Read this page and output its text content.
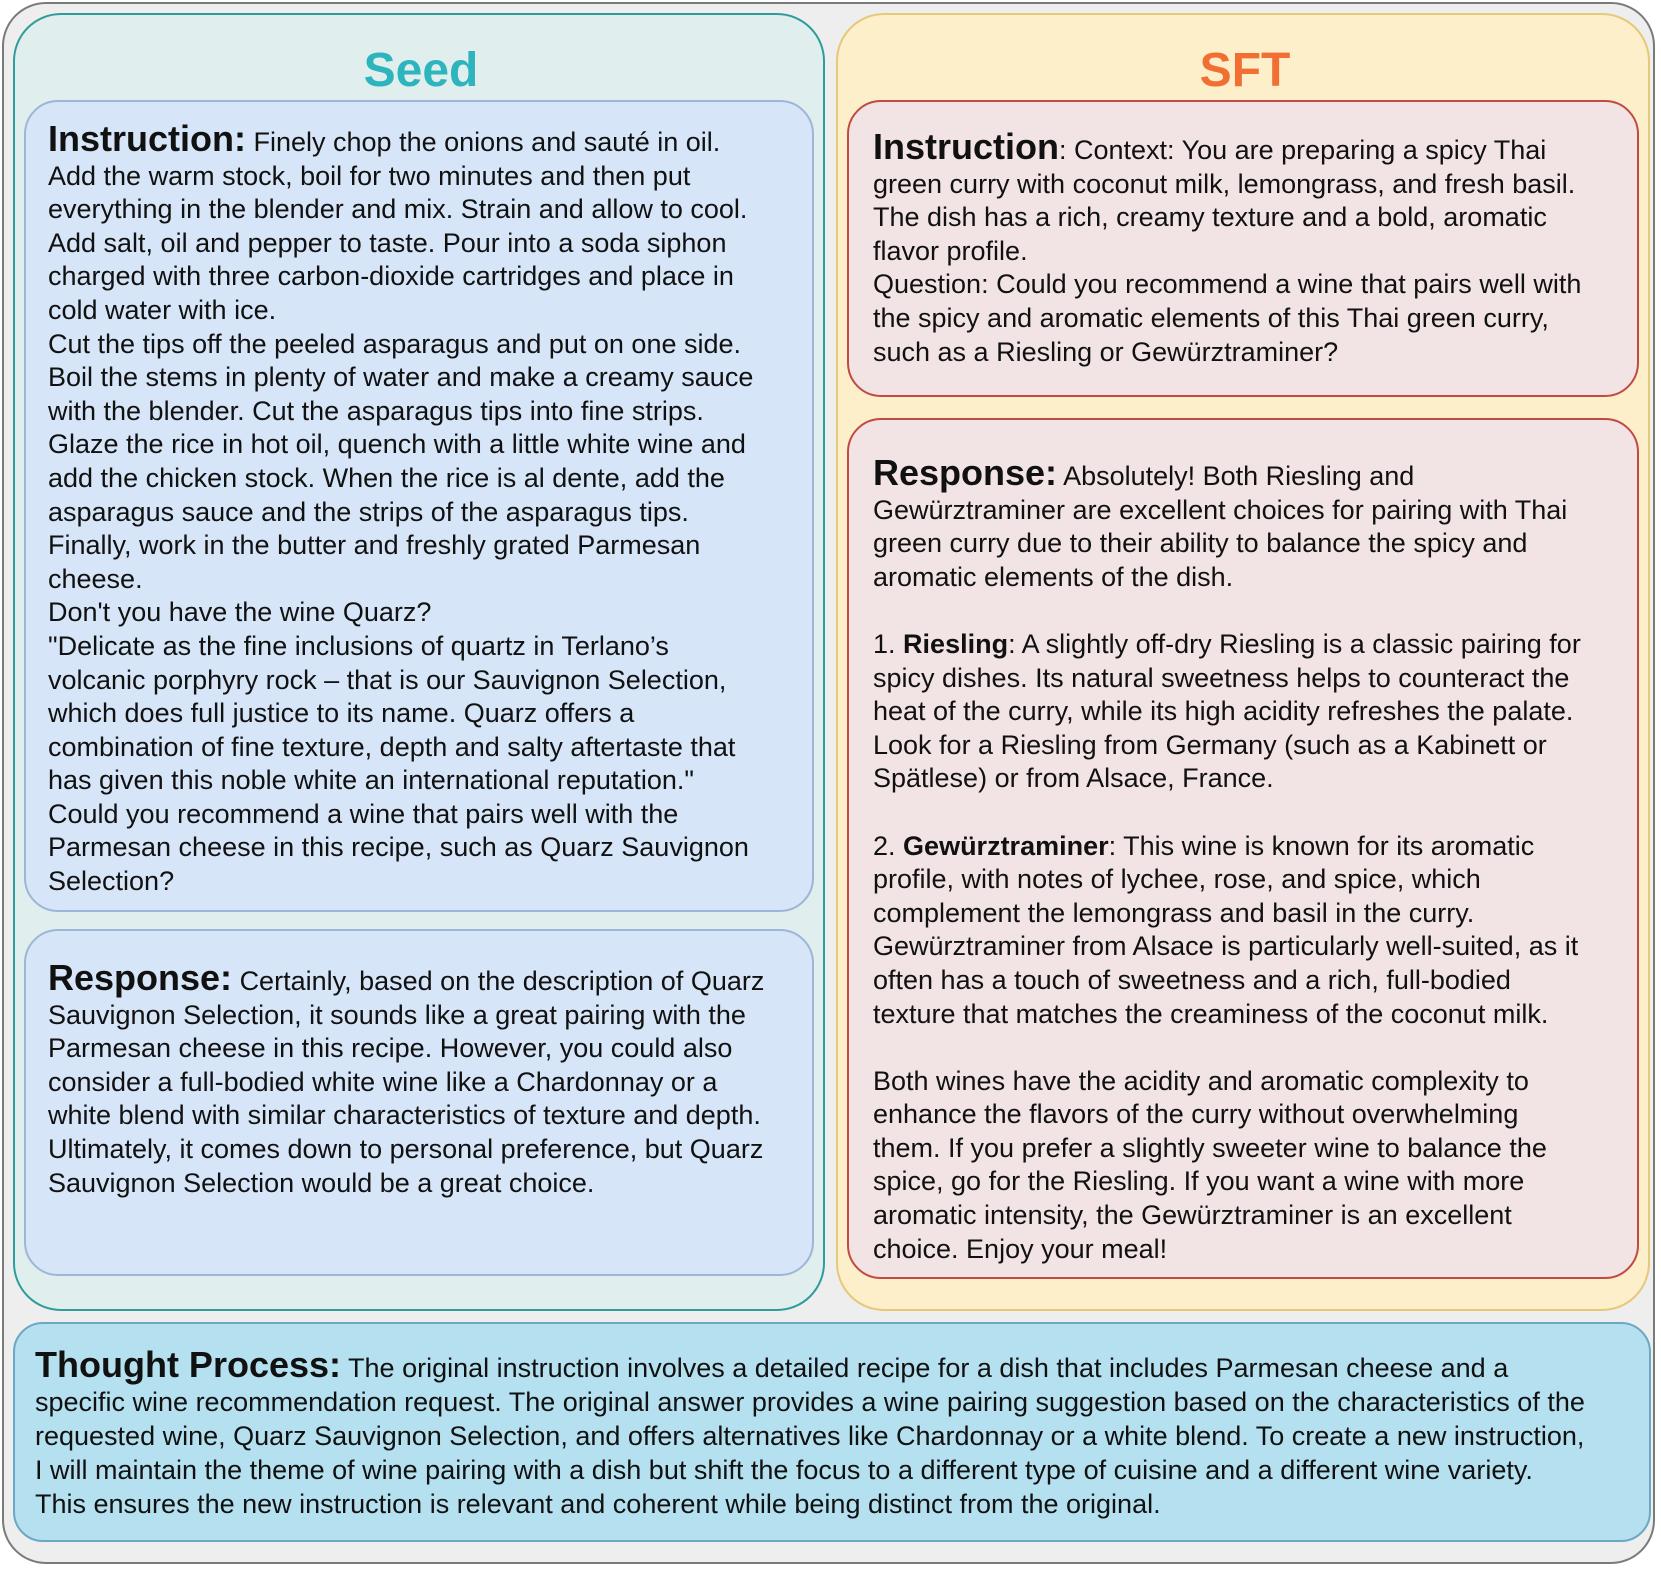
Seed
Instruction: Finely chop the onions and sauté in oil.
Add the warm stock, boil for two minutes and then put
everything in the blender and mix. Strain and allow to cool.
Add salt, oil and pepper to taste. Pour into a soda siphon
charged with three carbon-dioxide cartridges and place in
cold water with ice.
Cut the tips off the peeled asparagus and put on one side.
Boil the stems in plenty of water and make a creamy sauce
with the blender. Cut the asparagus tips into fine strips.
Glaze the rice in hot oil, quench with a little white wine and
add the chicken stock. When the rice is al dente, add the
asparagus sauce and the strips of the asparagus tips.
Finally, work in the butter and freshly grated Parmesan
cheese.
Don't you have the wine Quarz?
"Delicate as the fine inclusions of quartz in Terlano’s
volcanic porphyry rock – that is our Sauvignon Selection,
which does full justice to its name. Quarz offers a
combination of fine texture, depth and salty aftertaste that
has given this noble white an international reputation."
Could you recommend a wine that pairs well with the
Parmesan cheese in this recipe, such as Quarz Sauvignon
Selection?
Response: Certainly, based on the description of Quarz
Sauvignon Selection, it sounds like a great pairing with the
Parmesan cheese in this recipe. However, you could also
consider a full-bodied white wine like a Chardonnay or a
white blend with similar characteristics of texture and depth.
Ultimately, it comes down to personal preference, but Quarz
Sauvignon Selection would be a great choice.
SFT
Instruction: Context: You are preparing a spicy Thai
green curry with coconut milk, lemongrass, and fresh basil.
The dish has a rich, creamy texture and a bold, aromatic
flavor profile.
Question: Could you recommend a wine that pairs well with
the spicy and aromatic elements of this Thai green curry,
such as a Riesling or Gewürztraminer?
Response: Absolutely! Both Riesling and
Gewürztraminer are excellent choices for pairing with Thai
green curry due to their ability to balance the spicy and
aromatic elements of the dish.
1. Riesling: A slightly off-dry Riesling is a classic pairing for
spicy dishes. Its natural sweetness helps to counteract the
heat of the curry, while its high acidity refreshes the palate.
Look for a Riesling from Germany (such as a Kabinett or
Spätlese) or from Alsace, France.
2. Gewürztraminer: This wine is known for its aromatic
profile, with notes of lychee, rose, and spice, which
complement the lemongrass and basil in the curry.
Gewürztraminer from Alsace is particularly well-suited, as it
often has a touch of sweetness and a rich, full-bodied
texture that matches the creaminess of the coconut milk.
Both wines have the acidity and aromatic complexity to
enhance the flavors of the curry without overwhelming
them. If you prefer a slightly sweeter wine to balance the
spice, go for the Riesling. If you want a wine with more
aromatic intensity, the Gewürztraminer is an excellent
choice. Enjoy your meal!
Thought Process: The original instruction involves a detailed recipe for a dish that includes Parmesan cheese and a
specific wine recommendation request. The original answer provides a wine pairing suggestion based on the characteristics of the
requested wine, Quarz Sauvignon Selection, and offers alternatives like Chardonnay or a white blend. To create a new instruction,
I will maintain the theme of wine pairing with a dish but shift the focus to a different type of cuisine and a different wine variety.
This ensures the new instruction is relevant and coherent while being distinct from the original.
